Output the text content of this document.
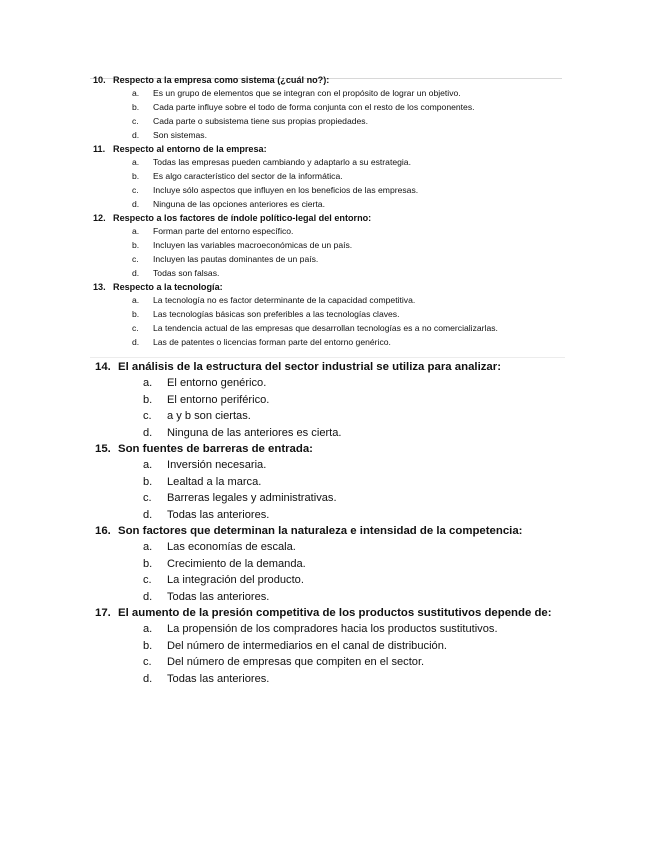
10. Respecto a la empresa como sistema (¿cuál no?):
a. Es un grupo de elementos que se integran con el propósito de lograr un objetivo.
b. Cada parte influye sobre el todo de forma conjunta con el resto de los componentes.
c. Cada parte o subsistema tiene sus propias propiedades.
d. Son sistemas.
11. Respecto al entorno de la empresa:
a. Todas las empresas pueden cambiando y adaptarlo a su estrategia.
b. Es algo característico del sector de la informática.
c. Incluye sólo aspectos que influyen en los beneficios de las empresas.
d. Ninguna de las opciones anteriores es cierta.
12. Respecto a los factores de índole político-legal del entorno:
a. Forman parte del entorno específico.
b. Incluyen las variables macroeconómicas de un país.
c. Incluyen las pautas dominantes de un país.
d. Todas son falsas.
13. Respecto a la tecnología:
a. La tecnología no es factor determinante de la capacidad competitiva.
b. Las tecnologías básicas son preferibles a las tecnologías claves.
c. La tendencia actual de las empresas que desarrollan tecnologías es a no comercializarlas.
d. Las de patentes o licencias forman parte del entorno genérico.
14. El análisis de la estructura del sector industrial se utiliza para analizar:
a. El entorno genérico.
b. El entorno periférico.
c. a y b son ciertas.
d. Ninguna de las anteriores es cierta.
15. Son fuentes de barreras de entrada:
a. Inversión necesaria.
b. Lealtad a la marca.
c. Barreras legales y administrativas.
d. Todas las anteriores.
16. Son factores que determinan la naturaleza e intensidad de la competencia:
a. Las economías de escala.
b. Crecimiento de la demanda.
c. La integración del producto.
d. Todas las anteriores.
17. El aumento de la presión competitiva de los productos sustitutivos depende de:
a. La propensión de los compradores hacia los productos sustitutivos.
b. Del número de intermediarios en el canal de distribución.
c. Del número de empresas que compiten en el sector.
d. Todas las anteriores.
